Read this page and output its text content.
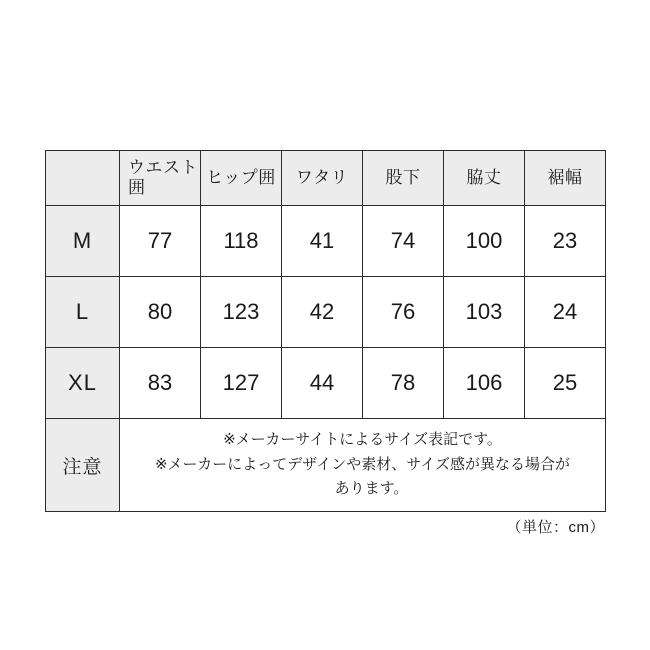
	ウエスト囲	ヒップ囲	ワタリ	股下	脇丈	裾幅
M	77	118	41	74	100	23
L	80	123	42	76	103	24
XL	83	127	44	78	106	25
注意	※メーカーサイトによるサイズ表記です。
※メーカーによってデザインや素材、サイズ感が異なる場合が
あります。					
（単位：cm）
